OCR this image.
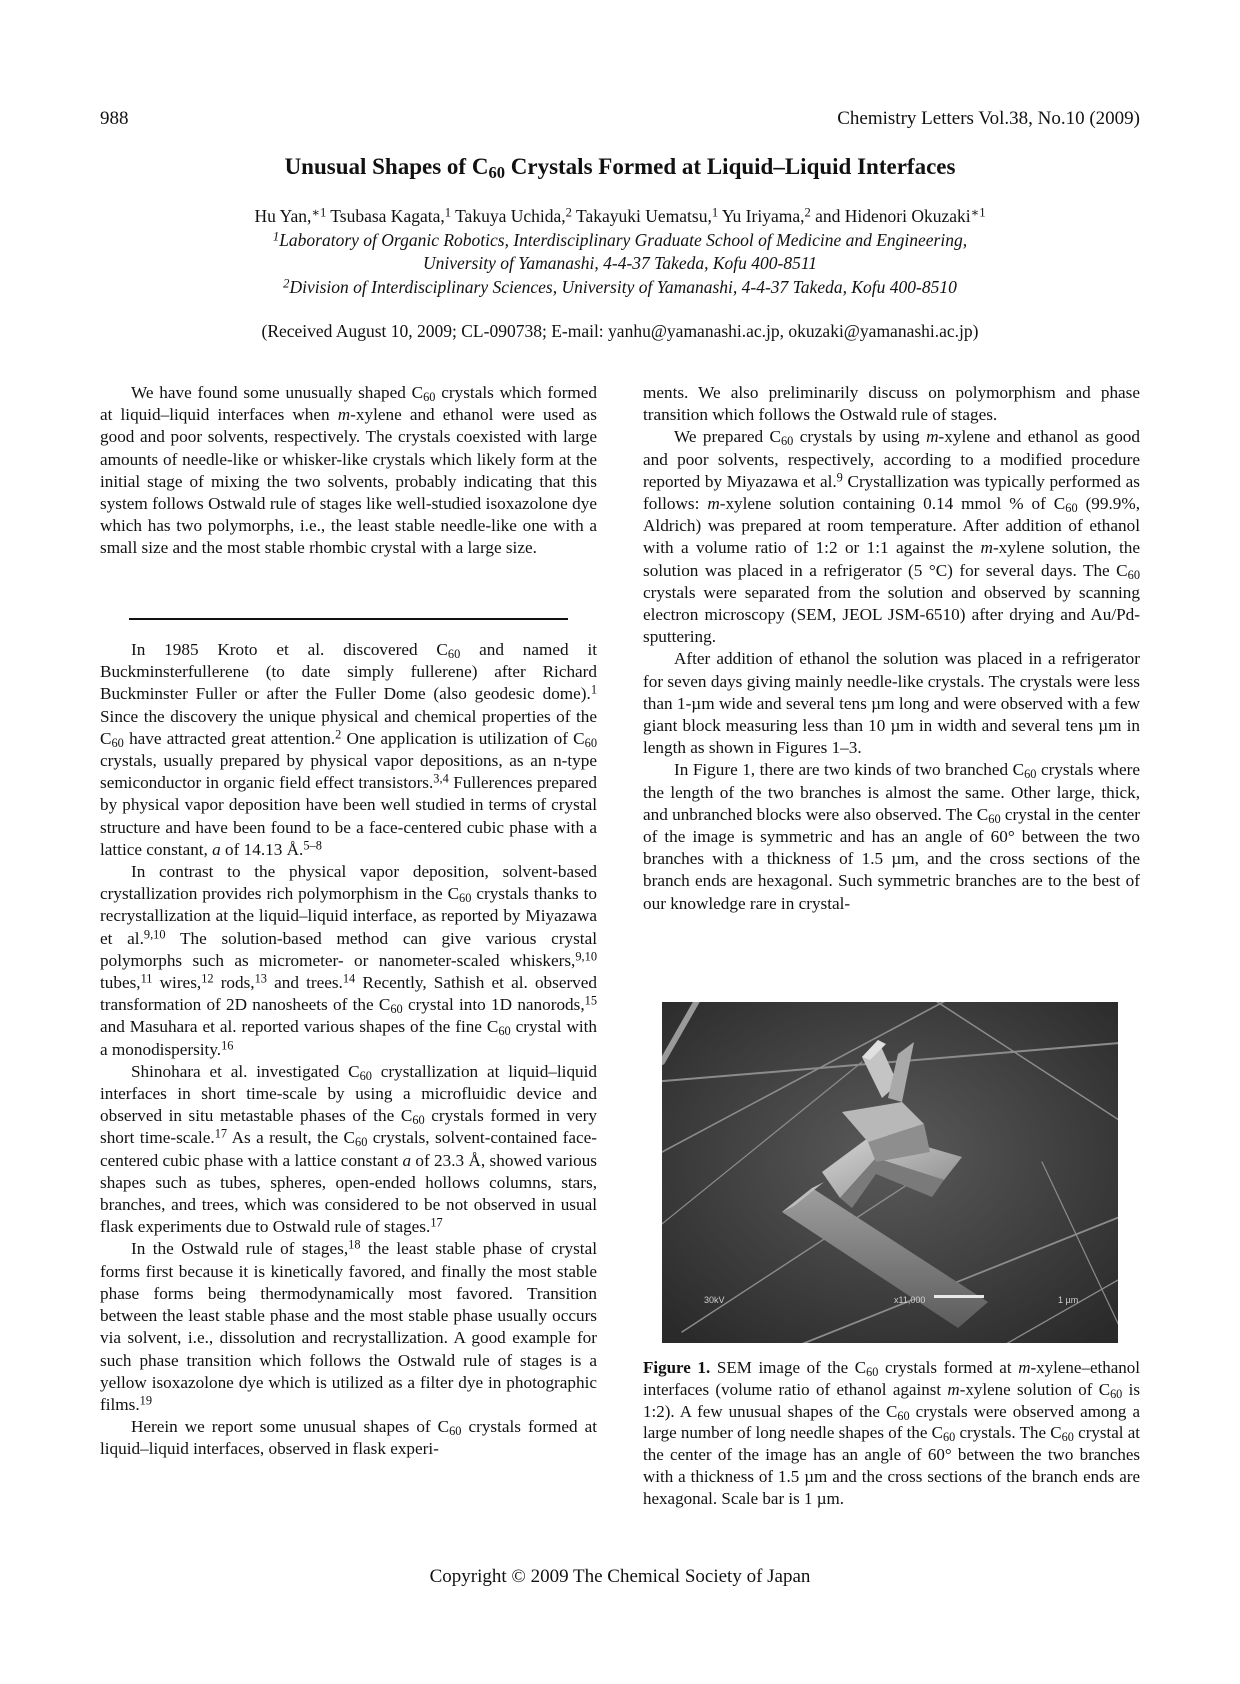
988	Chemistry Letters Vol.38, No.10 (2009)
Unusual Shapes of $C_{60}$ Crystals Formed at Liquid–Liquid Interfaces
Hu Yan,$^{∗1}$ Tsubasa Kagata,$^1$ Takuya Uchida,$^2$ Takayuki Uematsu,$^1$ Yu Iriyama,$^2$ and Hidenori Okuzaki$^{∗1}$
$^1$Laboratory of Organic Robotics, Interdisciplinary Graduate School of Medicine and Engineering,
University of Yamanashi, 4-4-37 Takeda, Kofu 400-8511
$^2$Division of Interdisciplinary Sciences, University of Yamanashi, 4-4-37 Takeda, Kofu 400-8510
(Received August 10, 2009; CL-090738; E-mail: yanhu@yamanashi.ac.jp, okuzaki@yamanashi.ac.jp)

We have found some unusually shaped $C_{60}$ crystals which formed at liquid–liquid interfaces when m-xylene and ethanol were used as good and poor solvents, respectively. The crystals coexisted with large amounts of needle-like or whisker-like crystals which likely form at the initial stage of mixing the two solvents, probably indicating that this system follows Ostwald rule of stages like well-studied isoxazolone dye which has two polymorphs, i.e., the least stable needle-like one with a small size and the most stable rhombic crystal with a large size.

In 1985 Kroto et al. discovered $C_{60}$ and named it Buckminsterfullerene (to date simply fullerene) after Richard Buckminster Fuller or after the Fuller Dome (also geodesic dome).$^1$ Since the discovery the unique physical and chemical properties of the $C_{60}$ have attracted great attention.$^2$ One application is utilization of $C_{60}$ crystals, usually prepared by physical vapor depositions, as an n-type semiconductor in organic field effect transistors.$^{3,4}$ Fullerences prepared by physical vapor deposition have been well studied in terms of crystal structure and have been found to be a face-centered cubic phase with a lattice constant, a of 14.13 Å.$^{5-8}$

In contrast to the physical vapor deposition, solvent-based crystallization provides rich polymorphism in the $C_{60}$ crystals thanks to recrystallization at the liquid–liquid interface, as reported by Miyazawa et al.$^{9,10}$ The solution-based method can give various crystal polymorphs such as micrometer- or nanometer-scaled whiskers,$^{9,10}$ tubes,$^{11}$ wires,$^{12}$ rods,$^{13}$ and trees.$^{14}$ Recently, Sathish et al. observed transformation of 2D nanosheets of the $C_{60}$ crystal into 1D nanorods,$^{15}$ and Masuhara et al. reported various shapes of the fine $C_{60}$ crystal with a monodispersity.$^{16}$

Shinohara et al. investigated $C_{60}$ crystallization at liquid–liquid interfaces in short time-scale by using a microfluidic device and observed in situ metastable phases of the $C_{60}$ crystals formed in very short time-scale.$^{17}$ As a result, the $C_{60}$ crystals, solvent-contained face-centered cubic phase with a lattice constant a of 23.3 Å, showed various shapes such as tubes, spheres, open-ended hollows columns, stars, branches, and trees, which was considered to be not observed in usual flask experiments due to Ostwald rule of stages.$^{17}$

In the Ostwald rule of stages,$^{18}$ the least stable phase of crystal forms first because it is kinetically favored, and finally the most stable phase forms being thermodynamically most favored. Transition between the least stable phase and the most stable phase usually occurs via solvent, i.e., dissolution and recrystallization. A good example for such phase transition which follows the Ostwald rule of stages is a yellow isoxazolone dye which is utilized as a filter dye in photographic films.$^{19}$

Herein we report some unusual shapes of $C_{60}$ crystals formed at liquid–liquid interfaces, observed in flask experi-

ments. We also preliminarily discuss on polymorphism and phase transition which follows the Ostwald rule of stages.

We prepared $C_{60}$ crystals by using m-xylene and ethanol as good and poor solvents, respectively, according to a modified procedure reported by Miyazawa et al.$^9$ Crystallization was typically performed as follows: m-xylene solution containing 0.14 mmol % of $C_{60}$ (99.9%, Aldrich) was prepared at room temperature. After addition of ethanol with a volume ratio of 1:2 or 1:1 against the m-xylene solution, the solution was placed in a refrigerator (5 °C) for several days. The $C_{60}$ crystals were separated from the solution and observed by scanning electron microscopy (SEM, JEOL JSM-6510) after drying and Au/Pd-sputtering.

After addition of ethanol the solution was placed in a refrigerator for seven days giving mainly needle-like crystals. The crystals were less than 1-µm wide and several tens µm long and were observed with a few giant block measuring less than 10 µm in width and several tens µm in length as shown in Figures 1–3.

In Figure 1, there are two kinds of two branched $C_{60}$ crystals where the length of the two branches is almost the same. Other large, thick, and unbranched blocks were also observed. The $C_{60}$ crystal in the center of the image is symmetric and has an angle of 60° between the two branches with a thickness of 1.5 µm, and the cross sections of the branch ends are hexagonal. Such symmetric branches are to the best of our knowledge rare in crystal-

30kV	x11,000	1 µm
Figure 1. SEM image of the $C_{60}$ crystals formed at m-xylene–ethanol interfaces (volume ratio of ethanol against m-xylene solution of $C_{60}$ is 1:2). A few unusual shapes of the $C_{60}$ crystals were observed among a large number of long needle shapes of the $C_{60}$ crystals. The $C_{60}$ crystal at the center of the image has an angle of 60° between the two branches with a thickness of 1.5 µm and the cross sections of the branch ends are hexagonal. Scale bar is 1 µm.
Copyright © 2009 The Chemical Society of Japan
